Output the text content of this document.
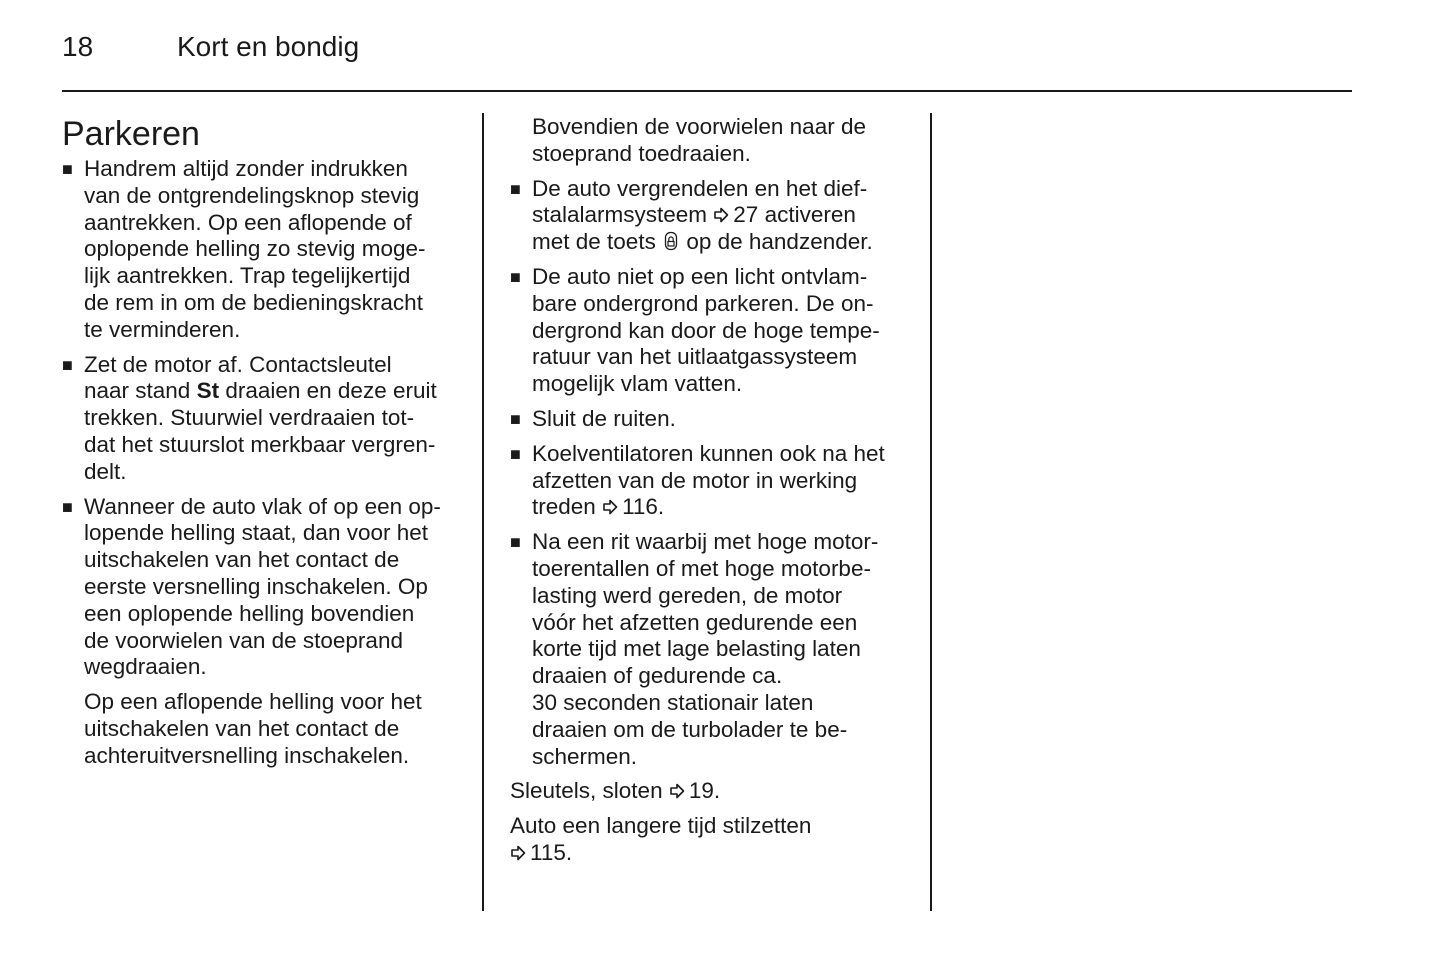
18	Kort en bondig
Parkeren
■ Handrem altijd zonder indrukken
van de ontgrendelingsknop stevig
aantrekken. Op een aflopende of
oplopende helling zo stevig moge-
lijk aantrekken. Trap tegelijkertijd
de rem in om de bedieningskracht
te verminderen.

■ Zet de motor af. Contactsleutel
naar stand St draaien en deze eruit
trekken. Stuurwiel verdraaien tot-
dat het stuurslot merkbaar vergren-
delt.

■ Wanneer de auto vlak of op een op-
lopende helling staat, dan voor het
uitschakelen van het contact de
eerste versnelling inschakelen. Op
een oplopende helling bovendien
de voorwielen van de stoeprand
wegdraaien.

Op een aflopende helling voor het
uitschakelen van het contact de
achteruitversnelling inschakelen.

Bovendien de voorwielen naar de
stoeprand toedraaien.

■ De auto vergrendelen en het dief-
stalalarmsysteem 27 activeren
met de toets  op de handzender.

■ De auto niet op een licht ontvlam-
bare ondergrond parkeren. De on-
dergrond kan door de hoge tempe-
ratuur van het uitlaatgassysteem
mogelijk vlam vatten.

■ Sluit de ruiten.

■ Koelventilatoren kunnen ook na het
afzetten van de motor in werking
treden 116.

■ Na een rit waarbij met hoge motor-
toerentallen of met hoge motorbe-
lasting werd gereden, de motor
vóór het afzetten gedurende een
korte tijd met lage belasting laten
draaien of gedurende ca.
30 seconden stationair laten
draaien om de turbolader te be-
schermen.

Sleutels, sloten 19.

Auto een langere tijd stilzetten
115.
